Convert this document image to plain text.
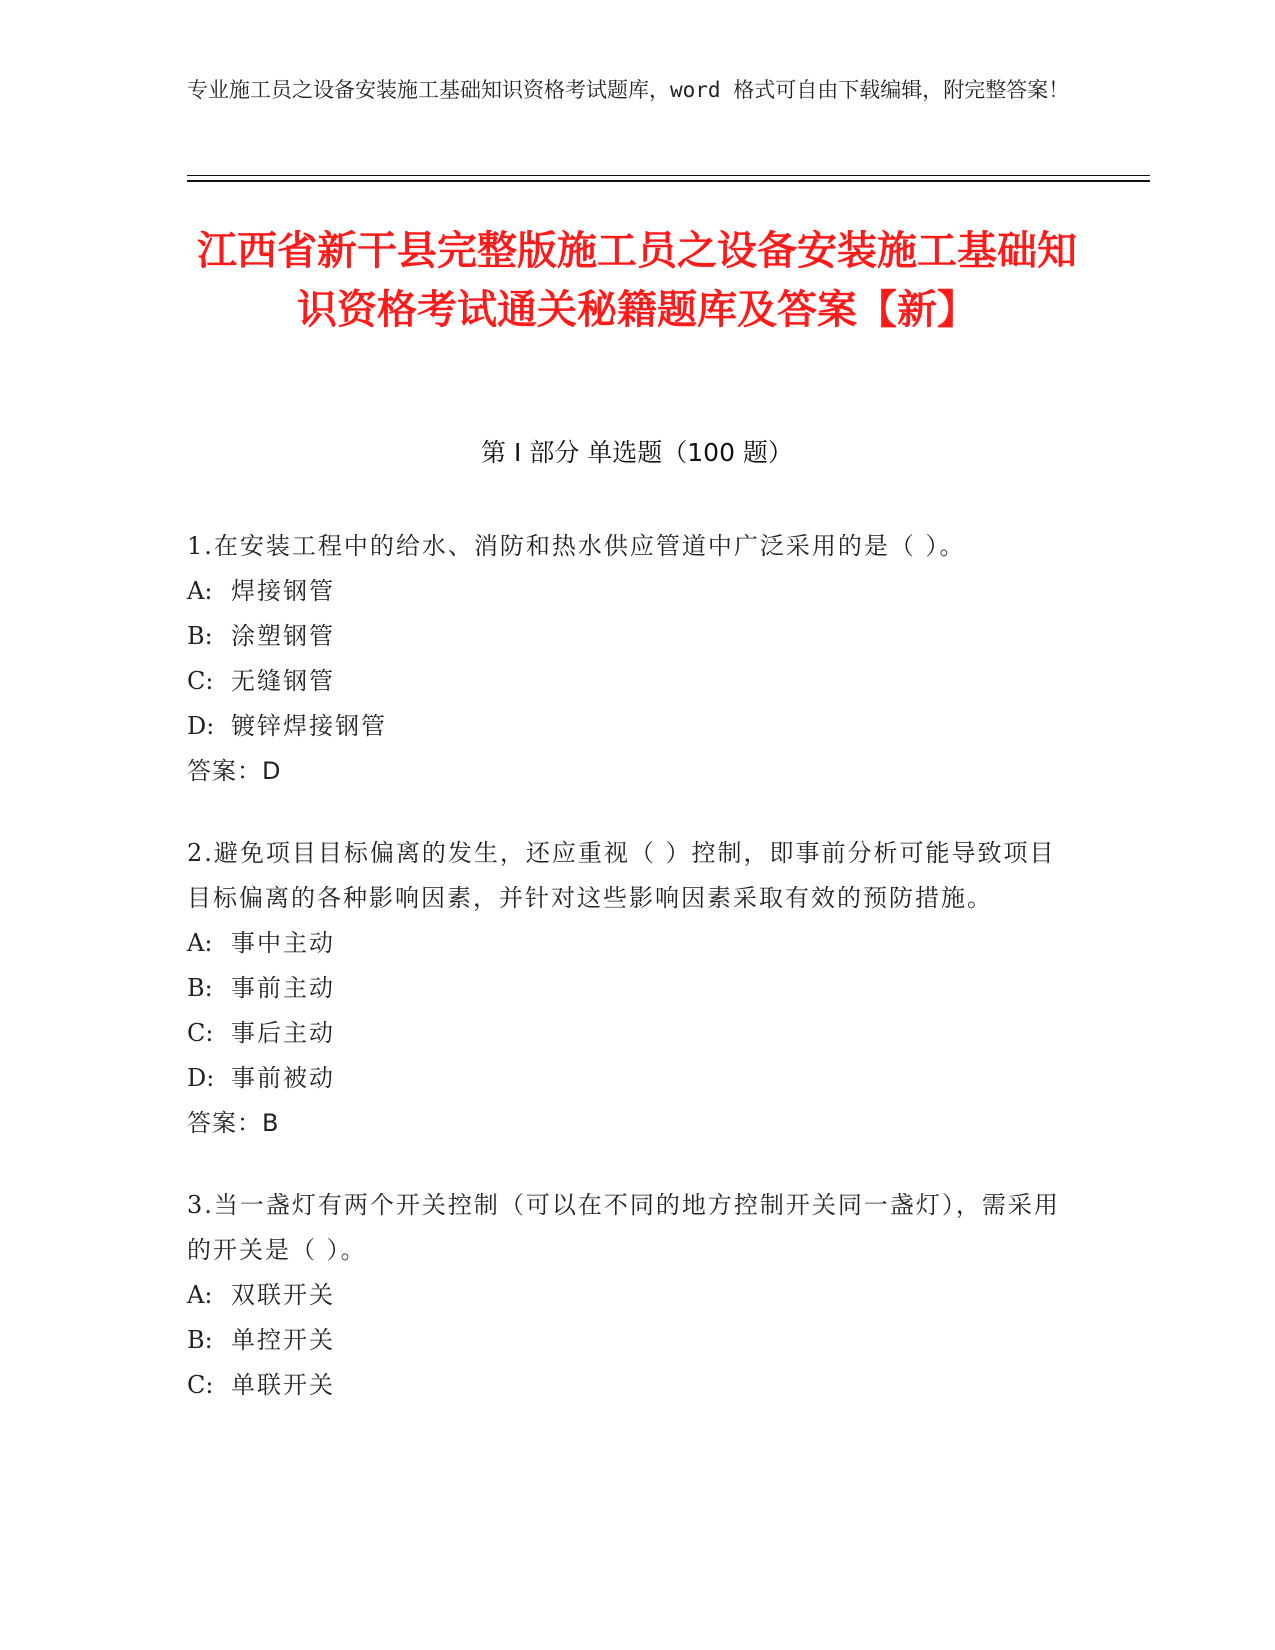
专业施工员之设备安装施工基础知识资格考试题库，word 格式可自由下载编辑，附完整答案！
江西省新干县完整版施工员之设备安装施工基础知识资格考试通关秘籍题库及答案【新】
第 I 部分 单选题（100 题）
1.在安装工程中的给水、消防和热水供应管道中广泛采用的是（ ）。
A: 焊接钢管
B: 涂塑钢管
C: 无缝钢管
D: 镀锌焊接钢管
答案：D
2.避免项目目标偏离的发生，还应重视（ ）控制，即事前分析可能导致项目目标偏离的各种影响因素，并针对这些影响因素采取有效的预防措施。
A: 事中主动
B: 事前主动
C: 事后主动
D: 事前被动
答案：B
3.当一盏灯有两个开关控制（可以在不同的地方控制开关同一盏灯），需采用的开关是（ ）。
A: 双联开关
B: 单控开关
C: 单联开关
